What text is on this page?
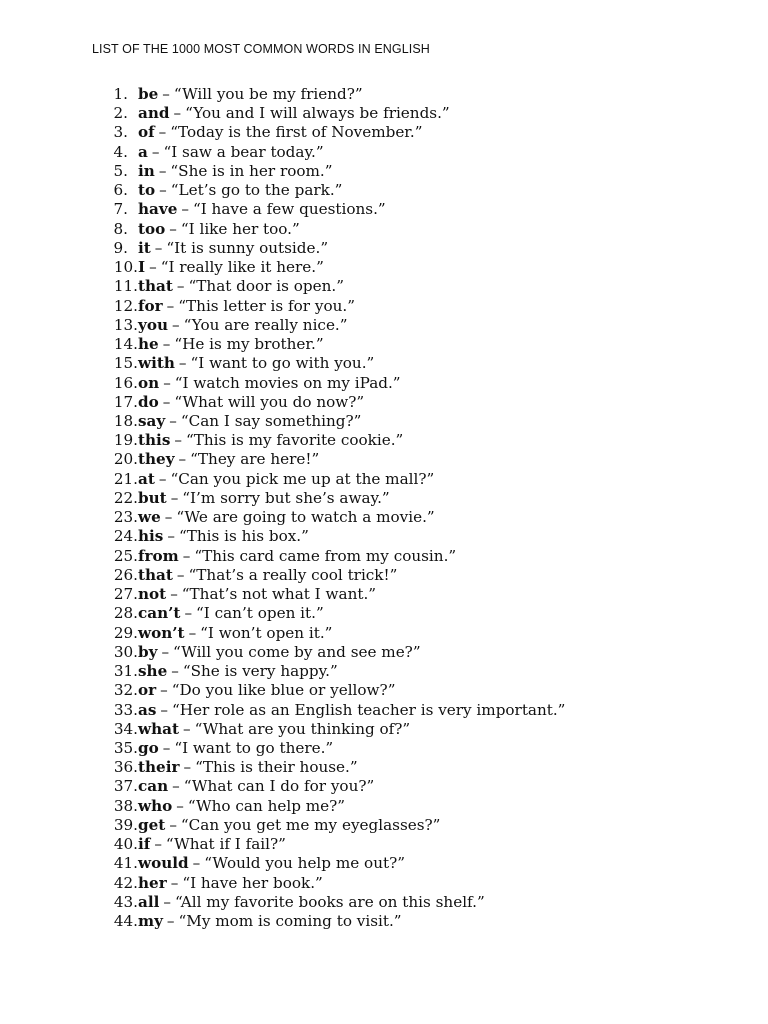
LIST OF THE 1000 MOST COMMON WORDS IN ENGLISH
1. be – “Will you be my friend?”
2. and – “You and I will always be friends.”
3. of – “Today is the first of November.”
4. a – “I saw a bear today.”
5. in – “She is in her room.”
6. to – “Let’s go to the park.”
7. have – “I have a few questions.”
8. too – “I like her too.”
9. it – “It is sunny outside.”
10. I – “I really like it here.”
11. that – “That door is open.”
12. for – “This letter is for you.”
13. you – “You are really nice.”
14. he – “He is my brother.”
15. with – “I want to go with you.”
16. on – “I watch movies on my iPad.”
17. do – “What will you do now?”
18. say – “Can I say something?”
19. this – “This is my favorite cookie.”
20. they – “They are here!”
21. at – “Can you pick me up at the mall?”
22. but – “I’m sorry but she’s away.”
23. we – “We are going to watch a movie.”
24. his – “This is his box.”
25. from – “This card came from my cousin.”
26. that – “That’s a really cool trick!”
27. not – “That’s not what I want.”
28. can’t – “I can’t open it.”
29. won’t – “I won’t open it.”
30. by – “Will you come by and see me?”
31. she – “She is very happy.”
32. or – “Do you like blue or yellow?”
33. as – “Her role as an English teacher is very important.”
34. what – “What are you thinking of?”
35. go – “I want to go there.”
36. their – “This is their house.”
37. can – “What can I do for you?”
38. who – “Who can help me?”
39. get – “Can you get me my eyeglasses?”
40. if – “What if I fail?”
41. would – “Would you help me out?”
42. her – “I have her book.”
43. all – “All my favorite books are on this shelf.”
44. my – “My mom is coming to visit.”
